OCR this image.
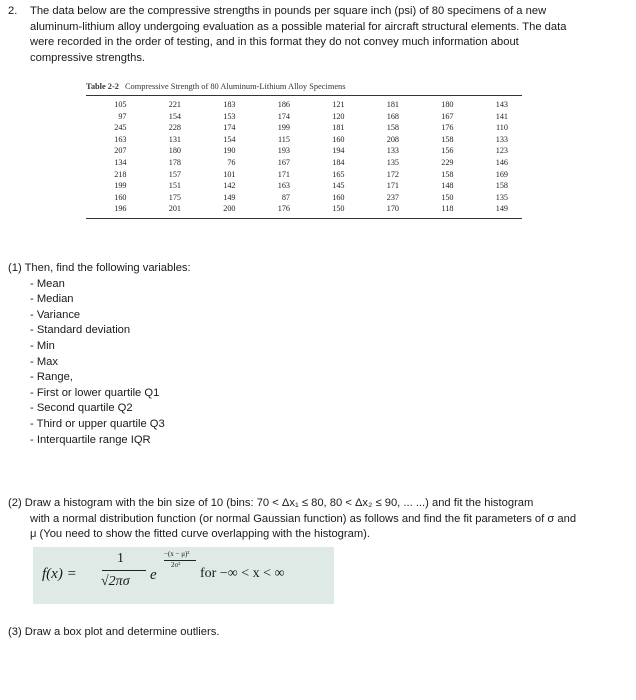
2. The data below are the compressive strengths in pounds per square inch (psi) of 80 specimens of a new
aluminum-lithium alloy undergoing evaluation as a possible material for aircraft structural elements. The data
were recorded in the order of testing, and in this format they do not convey much information about
compressive strengths.
Table 2-2 Compressive Strength of 80 Aluminum-Lithium Alloy Specimens
105	221	183	186	121	181	180	143
97	154	153	174	120	168	167	141
245	228	174	199	181	158	176	110
163	131	154	115	160	208	158	133
207	180	190	193	194	133	156	123
134	178	76	167	184	135	229	146
218	157	101	171	165	172	158	169
199	151	142	163	145	171	148	158
160	175	149	87	160	237	150	135
196	201	200	176	150	170	118	149
(1) Then, find the following variables:
- Mean
- Median
- Variance
- Standard deviation
- Min
- Max
- Range,
- First or lower quartile Q1
- Second quartile Q2
- Third or upper quartile Q3
- Interquartile range IQR
(2) Draw a histogram with the bin size of 10 (bins: 70 < Δx₁ ≤ 80, 80 < Δx₂ ≤ 90, ... ...) and fit the histogram
with a normal distribution function (or normal Gaussian function) as follows and find the fit parameters of σ and
μ (You need to show the fitted curve overlapping with the histogram).
f(x) =
1
√2πσ e
−(x − μ)²
2σ²
for −∞ < x < ∞
(3) Draw a box plot and determine outliers.
